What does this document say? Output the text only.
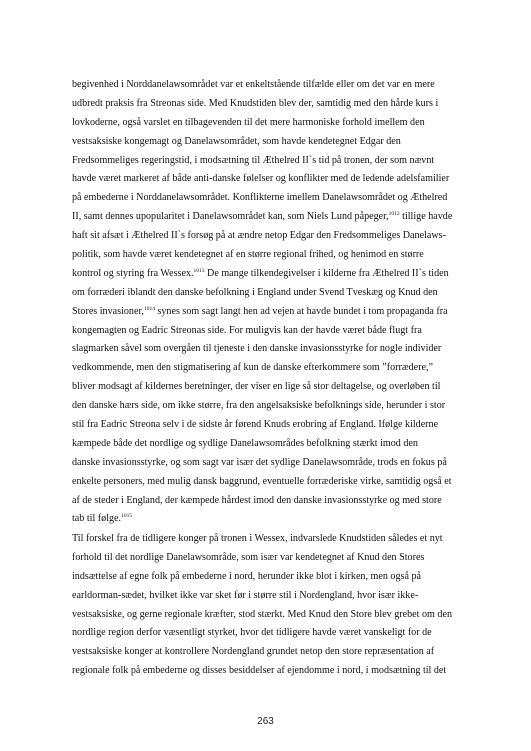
begivenhed i Norddanelawsområdet var et enkeltstående tilfælde eller om det var en mere
udbredt praksis fra Streonas side. Med Knudstiden blev der, samtidig med den hårde kurs i
lovkoderne, også varslet en tilbagevenden til det mere harmoniske forhold imellem den
vestsaksiske kongemagt og Danelawsområdet, som havde kendetegnet Edgar den
Fredsommeliges regeringstid, i modsætning til Æthelred II`s tid på tronen, der som nævnt
havde været markeret af både anti-danske følelser og konflikter med de ledende adelsfamilier
på embederne i Norddanelawsområdet. Konflikterne imellem Danelawsområdet og Æthelred
II, samt dennes upopularitet i Danelawsområdet kan, som Niels Lund påpeger,$^{1012}$ tillige havde
haft sit afsæt i Æthelred II`s forsøg på at ændre netop Edgar den Fredsommeliges Danelaws-
politik, som havde været kendetegnet af en større regional frihed, og henimod en større
kontrol og styring fra Wessex.$^{1013}$ De mange tilkendegivelser i kilderne fra Æthelred II`s tiden
om forræderi iblandt den danske befolkning i England under Svend Tveskæg og Knud den
Stores invasioner,$^{1014}$ synes som sagt langt hen ad vejen at havde bundet i tom propaganda fra
kongemagten og Eadric Streonas side. For muligvis kan der havde været både flugt fra
slagmarken såvel som overgåen til tjeneste i den danske invasionsstyrke for nogle individer
vedkommende, men den stigmatisering af kun de danske efterkommere som ”forrædere,”
bliver modsagt af kildernes beretninger, der viser en lige så stor deltagelse, og overløben til
den danske hærs side, om ikke større, fra den angelsaksiske befolknings side, herunder i stor
stil fra Eadric Streona selv i de sidste år førend Knuds erobring af England. Ifølge kilderne
kæmpede både det nordlige og sydlige Danelawsområdes befolkning stærkt imod den
danske invasionsstyrke, og som sagt var især det sydlige Danelawsområde, trods en fokus på
enkelte personers, med mulig dansk baggrund, eventuelle forræderiske virke, samtidig også et
af de steder i England, der kæmpede hårdest imod den danske invasionsstyrke og med store
tab til følge.$^{1015}$
Til forskel fra de tidligere konger på tronen i Wessex, indvarslede Knudstiden således et nyt
forhold til det nordlige Danelawsområde, som især var kendetegnet af Knud den Stores
indsættelse af egne folk på embederne i nord, herunder ikke blot i kirken, men også på
earldorman-sædet, hvilket ikke var sket før i større stil i Nordengland, hvor især ikke-
vestsaksiske, og gerne regionale kræfter, stod stærkt. Med Knud den Store blev grebet om den
nordlige region derfor væsentligt styrket, hvor det tidligere havde været vanskeligt for de
vestsaksiske konger at kontrollere Nordengland grundet netop den store repræsentation af
regionale folk på embederne og disses besiddelser af ejendomme i nord, i modsætning til det
263
